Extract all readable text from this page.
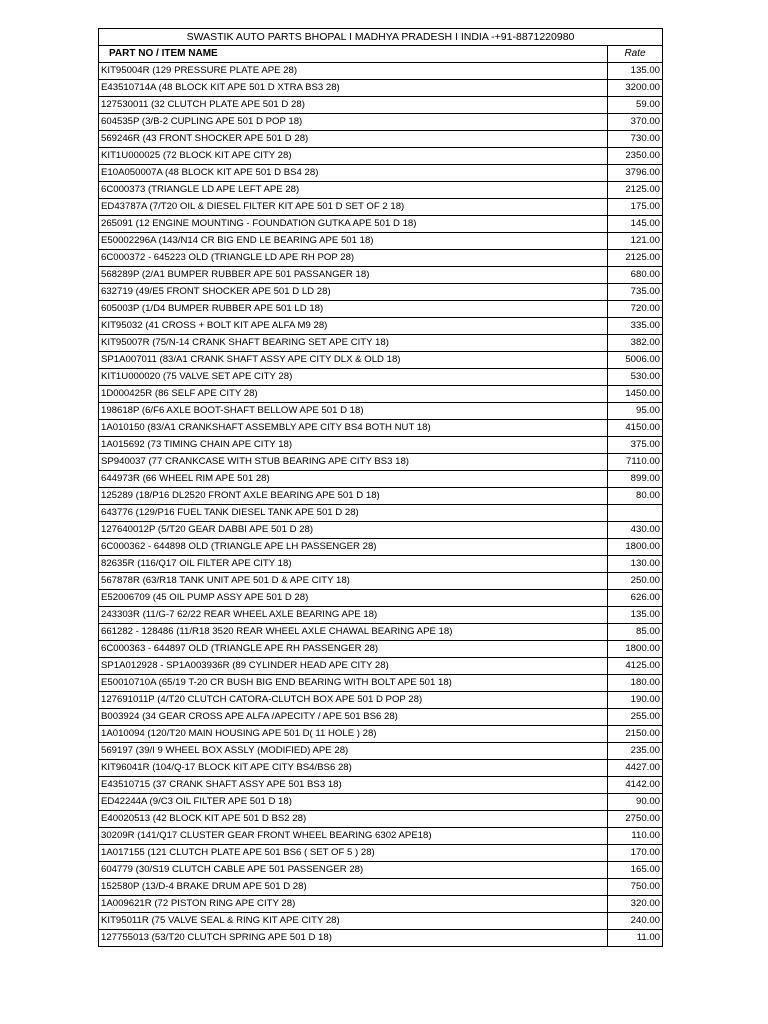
SWASTIK AUTO PARTS BHOPAL I MADHYA PRADESH I INDIA -+91-8871220980	
PART NO / ITEM NAME	Rate
KIT95004R (129 PRESSURE PLATE APE 28)	135.00
E43510714A (48 BLOCK KIT APE 501 D XTRA BS3 28)	3200.00
127530011 (32 CLUTCH PLATE APE 501 D 28)	59.00
604535P (3/B-2 CUPLING APE 501 D POP 18)	370.00
569246R (43 FRONT SHOCKER APE 501 D 28)	730.00
KIT1U000025 (72 BLOCK KIT APE CITY 28)	2350.00
E10A050007A (48 BLOCK KIT APE 501 D BS4 28)	3796.00
6C000373 (TRIANGLE LD APE LEFT APE 28)	2125.00
ED43787A (7/T20 OIL & DIESEL FILTER KIT APE 501 D SET OF 2 18)	175.00
265091 (12 ENGINE MOUNTING - FOUNDATION GUTKA APE 501 D 18)	145.00
E50002296A (143/N14 CR BIG END LE BEARING APE 501 18)	121.00
6C000372 - 645223 OLD (TRIANGLE LD APE RH POP 28)	2125.00
568289P (2/A1 BUMPER RUBBER APE 501 PASSANGER 18)	680.00
632719 (49/E5 FRONT SHOCKER APE 501 D LD 28)	735.00
605003P (1/D4 BUMPER RUBBER APE 501 LD 18)	720.00
KIT95032 (41 CROSS + BOLT KIT APE ALFA M9 28)	335.00
KIT95007R (75/N-14 CRANK SHAFT BEARING SET APE CITY 18)	382.00
SP1A007011 (83/A1 CRANK SHAFT ASSY APE CITY DLX & OLD 18)	5006.00
KIT1U000020 (75 VALVE SET APE CITY 28)	530.00
1D000425R (86 SELF APE CITY 28)	1450.00
198618P (6/F6 AXLE BOOT-SHAFT BELLOW APE 501 D 18)	95.00
1A010150 (83/A1 CRANKSHAFT ASSEMBLY APE CITY BS4 BOTH NUT 18)	4150.00
1A015692 (73 TIMING CHAIN APE CITY 18)	375.00
SP940037 (77 CRANKCASE WITH STUB BEARING APE CITY BS3 18)	7110.00
644973R (66 WHEEL RIM APE 501 28)	899.00
125289 (18/P16 DL2520 FRONT AXLE BEARING APE 501 D 18)	80.00
643776 (129/P16 FUEL TANK DIESEL TANK APE 501 D 28)	
127640012P (5/T20 GEAR DABBI APE 501 D 28)	430.00
6C000362 - 644898 OLD (TRIANGLE APE LH PASSENGER 28)	1800.00
82635R (116/Q17 OIL FILTER APE CITY 18)	130.00
567878R (63/R18 TANK UNIT APE 501 D & APE CITY 18)	250.00
E52006709 (45 OIL PUMP ASSY APE 501 D 28)	626.00
243303R (11/G-7 62/22 REAR WHEEL AXLE BEARING APE 18)	135.00
661282 - 128486 (11/R18 3520 REAR WHEEL AXLE CHAWAL BEARING APE 18)	85.00
6C000363 - 644897 OLD (TRIANGLE APE RH PASSENGER 28)	1800.00
SP1A012928 - SP1A003936R (89 CYLINDER HEAD APE CITY 28)	4125.00
E50010710A (65/19 T-20 CR BUSH BIG END BEARING WITH BOLT APE 501 18)	180.00
127691011P (4/T20 CLUTCH CATORA-CLUTCH BOX APE 501 D POP 28)	190.00
B003924 (34 GEAR CROSS APE ALFA /APECITY / APE 501 BS6 28)	255.00
1A010094 (120/T20 MAIN HOUSING APE 501 D( 11 HOLE ) 28)	2150.00
569197 (39/I 9 WHEEL BOX ASSLY (MODIFIED) APE 28)	235.00
KIT96041R (104/Q-17 BLOCK KIT APE CITY BS4/BS6 28)	4427.00
E43510715 (37 CRANK SHAFT ASSY APE 501 BS3 18)	4142.00
ED42244A (9/C3 OIL FILTER APE 501 D 18)	90.00
E40020513 (42 BLOCK KIT APE 501 D BS2 28)	2750.00
30209R (141/Q17 CLUSTER GEAR FRONT WHEEL BEARING 6302 APE18)	110.00
1A017155 (121 CLUTCH PLATE APE 501 BS6 ( SET OF 5 ) 28)	170.00
604779 (30/S19 CLUTCH CABLE APE 501 PASSENGER 28)	165.00
152580P (13/D-4 BRAKE DRUM APE 501 D 28)	750.00
1A009621R (72 PISTON RING APE CITY 28)	320.00
KIT95011R (75 VALVE SEAL & RING KIT APE CITY 28)	240.00
127755013 (53/T20 CLUTCH SPRING APE 501 D 18)	11.00
